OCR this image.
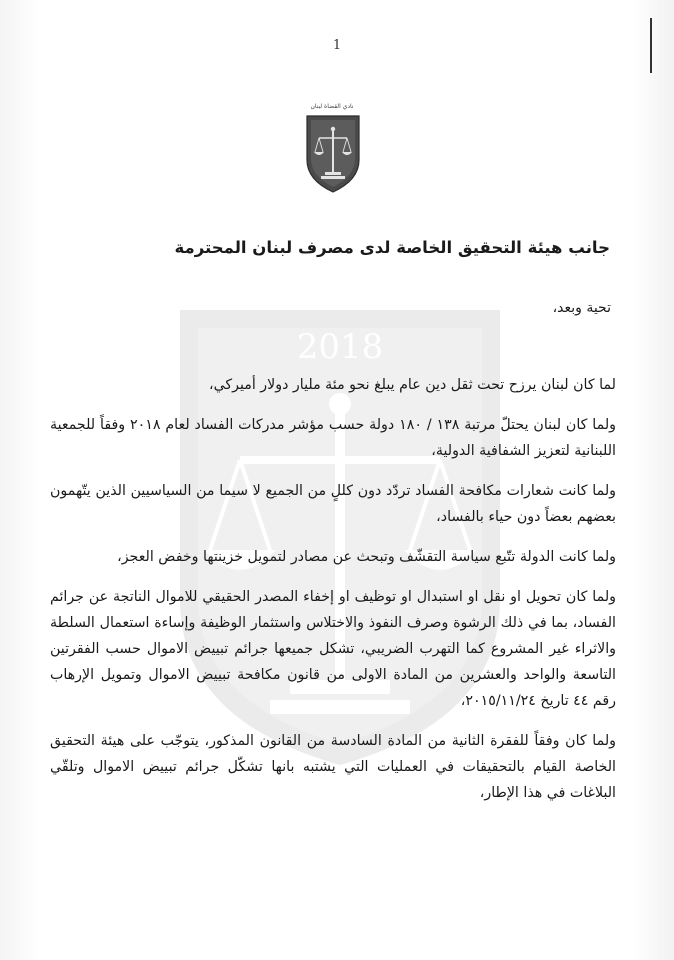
1
نادي القضاة لبنان
2018
جانب هيئة التحقيق الخاصة لدى مصرف لبنان المحترمة
تحية وبعد،

لما كان لبنان يرزح تحت ثقل دين عام يبلغ نحو مئة مليار دولار أميركي،

ولما كان لبنان يحتلّ مرتبة ١٣٨ / ١٨٠ دولة حسب مؤشر مدركات الفساد لعام ٢٠١٨ وفقاً للجمعية اللبنانية لتعزيز الشفافية الدولية،

ولما كانت شعارات مكافحة الفساد تردّد دون كللٍ من الجميع لا سيما من السياسيين الذين يتّهمون بعضهم بعضاً دون حياء بالفساد،

ولما كانت الدولة تتّبع سياسة التقشّف وتبحث عن مصادر لتمويل خزينتها وخفض العجز،

ولما كان تحويل او نقل او استبدال او توظيف او إخفاء المصدر الحقيقي للاموال الناتجة عن جرائم الفساد، بما في ذلك الرشوة وصرف النفوذ والاختلاس واستثمار الوظيفة وإساءة استعمال السلطة والاثراء غير المشروع كما التهرب الضريبي، تشكل جميعها جرائم تبييض الاموال حسب الفقرتين التاسعة والواحد والعشرين من المادة الاولى من قانون مكافحة تبييض الاموال وتمويل الإرهاب رقم ٤٤ تاريخ ٢٠١٥/١١/٢٤،

ولما كان وفقاً للفقرة الثانية من المادة السادسة من القانون المذكور، يتوجّب على هيئة التحقيق الخاصة القيام بالتحقيقات في العمليات التي يشتبه بانها تشكّل جرائم تبييض الاموال وتلقّي البلاغات في هذا الإطار،
